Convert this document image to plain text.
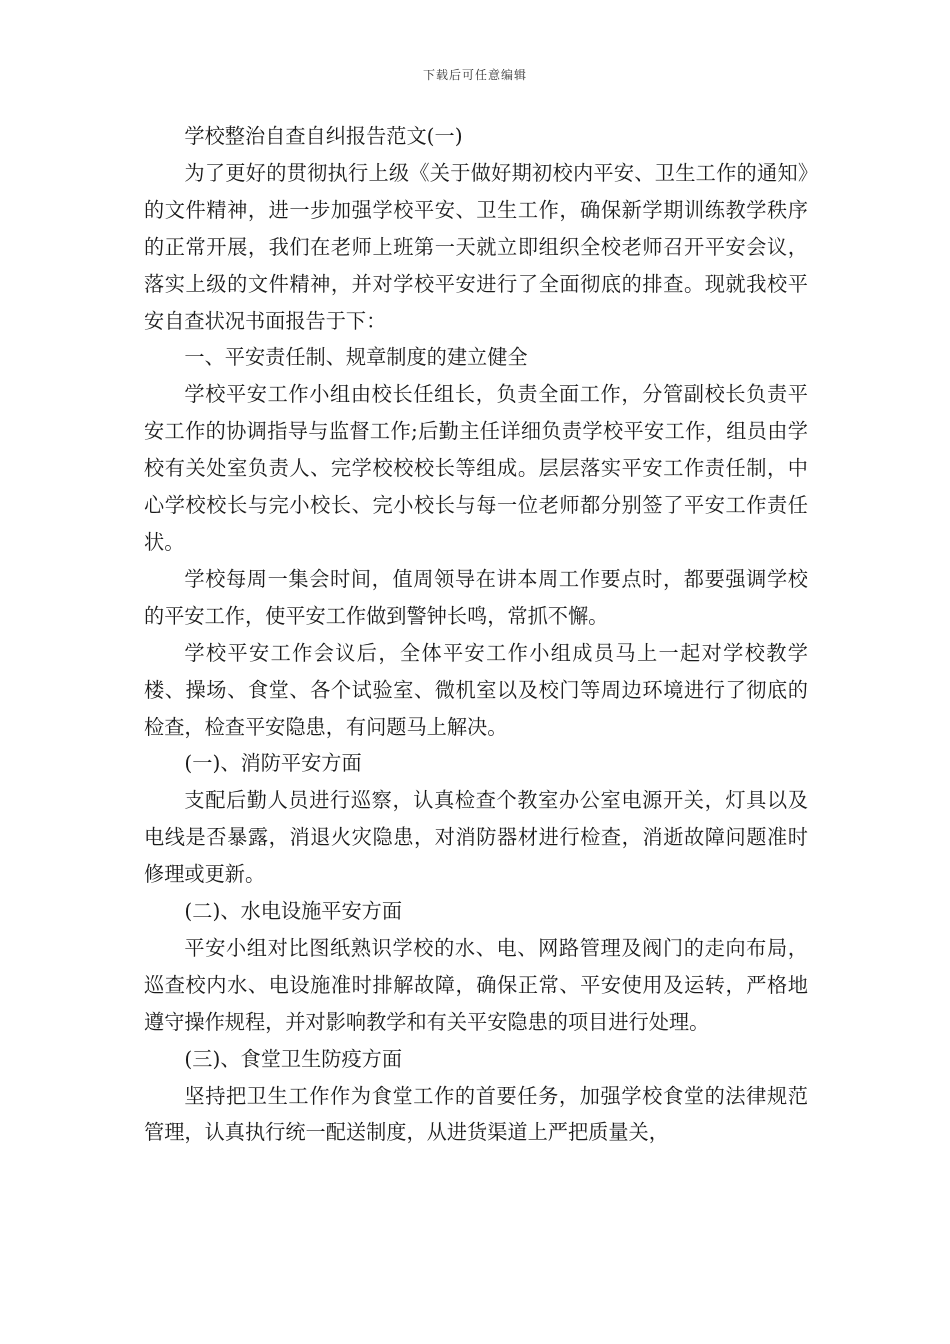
下载后可任意编辑

学校整治自查自纠报告范文(一)

为了更好的贯彻执行上级《关于做好期初校内平安、卫生工作的通知》的文件精神，进一步加强学校平安、卫生工作，确保新学期训练教学秩序的正常开展，我们在老师上班第一天就立即组织全校老师召开平安会议，落实上级的文件精神，并对学校平安进行了全面彻底的排查。现就我校平安自查状况书面报告于下：

一、平安责任制、规章制度的建立健全

学校平安工作小组由校长任组长，负责全面工作，分管副校长负责平安工作的协调指导与监督工作;后勤主任详细负责学校平安工作，组员由学校有关处室负责人、完学校校校长等组成。层层落实平安工作责任制，中心学校校长与完小校长、完小校长与每一位老师都分别签了平安工作责任状。

学校每周一集会时间，值周领导在讲本周工作要点时，都要强调学校的平安工作，使平安工作做到警钟长鸣，常抓不懈。

学校平安工作会议后，全体平安工作小组成员马上一起对学校教学楼、操场、食堂、各个试验室、微机室以及校门等周边环境进行了彻底的检查，检查平安隐患，有问题马上解决。

(一)、消防平安方面

支配后勤人员进行巡察，认真检查个教室办公室电源开关，灯具以及电线是否暴露，消退火灾隐患，对消防器材进行检查，消逝故障问题准时修理或更新。

(二)、水电设施平安方面

平安小组对比图纸熟识学校的水、电、网路管理及阀门的走向布局，巡查校内水、电设施准时排解故障，确保正常、平安使用及运转，严格地遵守操作规程，并对影响教学和有关平安隐患的项目进行处理。

(三)、食堂卫生防疫方面

坚持把卫生工作作为食堂工作的首要任务，加强学校食堂的法律规范管理，认真执行统一配送制度，从进货渠道上严把质量关，
